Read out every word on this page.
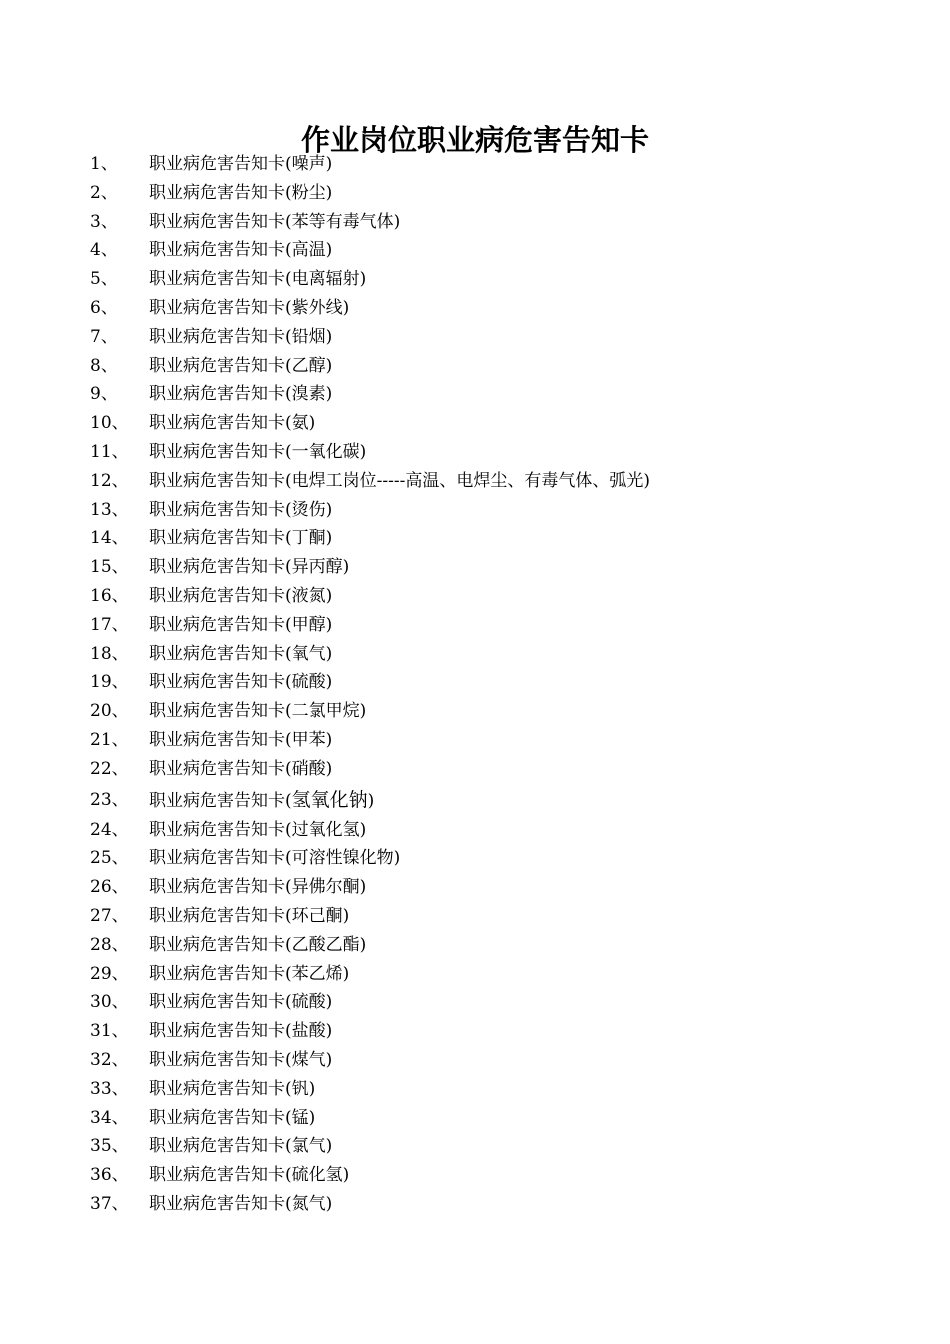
作业岗位职业病危害告知卡
1、 职业病危害告知卡(噪声)
2、 职业病危害告知卡(粉尘)
3、 职业病危害告知卡(苯等有毒气体)
4、 职业病危害告知卡(高温)
5、 职业病危害告知卡(电离辐射)
6、 职业病危害告知卡(紫外线)
7、 职业病危害告知卡(铅烟)
8、 职业病危害告知卡(乙醇)
9、 职业病危害告知卡(溴素)
10、 职业病危害告知卡(氨)
11、 职业病危害告知卡(一氧化碳)
12、 职业病危害告知卡(电焊工岗位-----高温、电焊尘、有毒气体、弧光)
13、 职业病危害告知卡(烫伤)
14、 职业病危害告知卡(丁酮)
15、 职业病危害告知卡(异丙醇)
16、 职业病危害告知卡(液氮)
17、 职业病危害告知卡(甲醇)
18、 职业病危害告知卡(氧气)
19、 职业病危害告知卡(硫酸)
20、 职业病危害告知卡(二氯甲烷)
21、 职业病危害告知卡(甲苯)
22、 职业病危害告知卡(硝酸)
23、 职业病危害告知卡(氢氧化钠)
24、 职业病危害告知卡(过氧化氢)
25、 职业病危害告知卡(可溶性镍化物)
26、 职业病危害告知卡(异佛尔酮)
27、 职业病危害告知卡(环己酮)
28、 职业病危害告知卡(乙酸乙酯)
29、 职业病危害告知卡(苯乙烯)
30、 职业病危害告知卡(硫酸)
31、 职业病危害告知卡(盐酸)
32、 职业病危害告知卡(煤气)
33、 职业病危害告知卡(钒)
34、 职业病危害告知卡(锰)
35、 职业病危害告知卡(氯气)
36、 职业病危害告知卡(硫化氢)
37、 职业病危害告知卡(氮气)
